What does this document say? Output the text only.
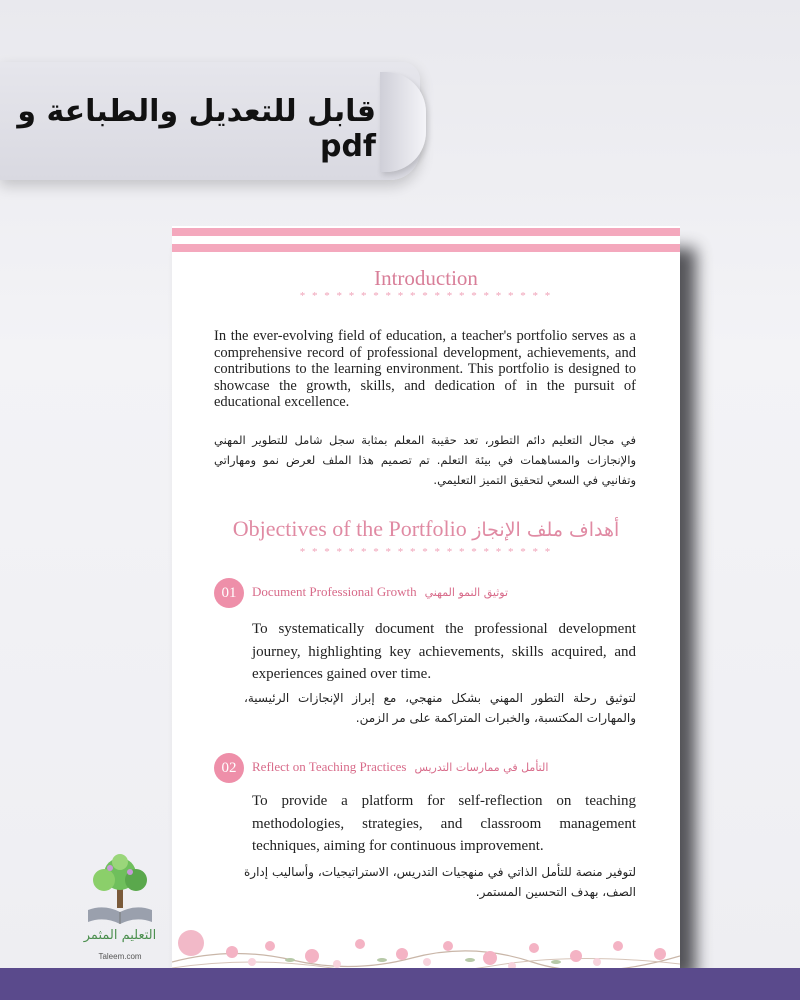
قابل للتعديل والطباعة و pdf
Introduction
* * * * * * * * * * * * * * * * * * * * *
In the ever-evolving field of education, a teacher's portfolio serves as a comprehensive record of professional development, achievements, and contributions to the learning environment. This portfolio is designed to showcase the growth, skills, and dedication of in the pursuit of educational excellence.
في مجال التعليم دائم التطور، تعد حقيبة المعلم بمثابة سجل شامل للتطوير المهني والإنجازات والمساهمات في بيئة التعلم. تم تصميم هذا الملف لعرض نمو ومهاراتي وتفانيي في السعي لتحقيق التميز التعليمي.
Objectives of the Portfolio أهداف ملف الإنجاز
* * * * * * * * * * * * * * * * * * * * *
01	Document Professional Growth توثيق النمو المهني
To systematically document the professional development journey, highlighting key achievements, skills acquired, and experiences gained over time.
لتوثيق رحلة التطور المهني بشكل منهجي، مع إبراز الإنجازات الرئيسية، والمهارات المكتسبة، والخبرات المتراكمة على مر الزمن.
02	Reflect on Teaching Practices التأمل في ممارسات التدريس
To provide a platform for self-reflection on teaching methodologies, strategies, and classroom management techniques, aiming for continuous improvement.
لتوفير منصة للتأمل الذاتي في منهجيات التدريس، الاستراتيجيات، وأساليب إدارة الصف، بهدف التحسين المستمر.
التعليم المثمر
Taleem.com
